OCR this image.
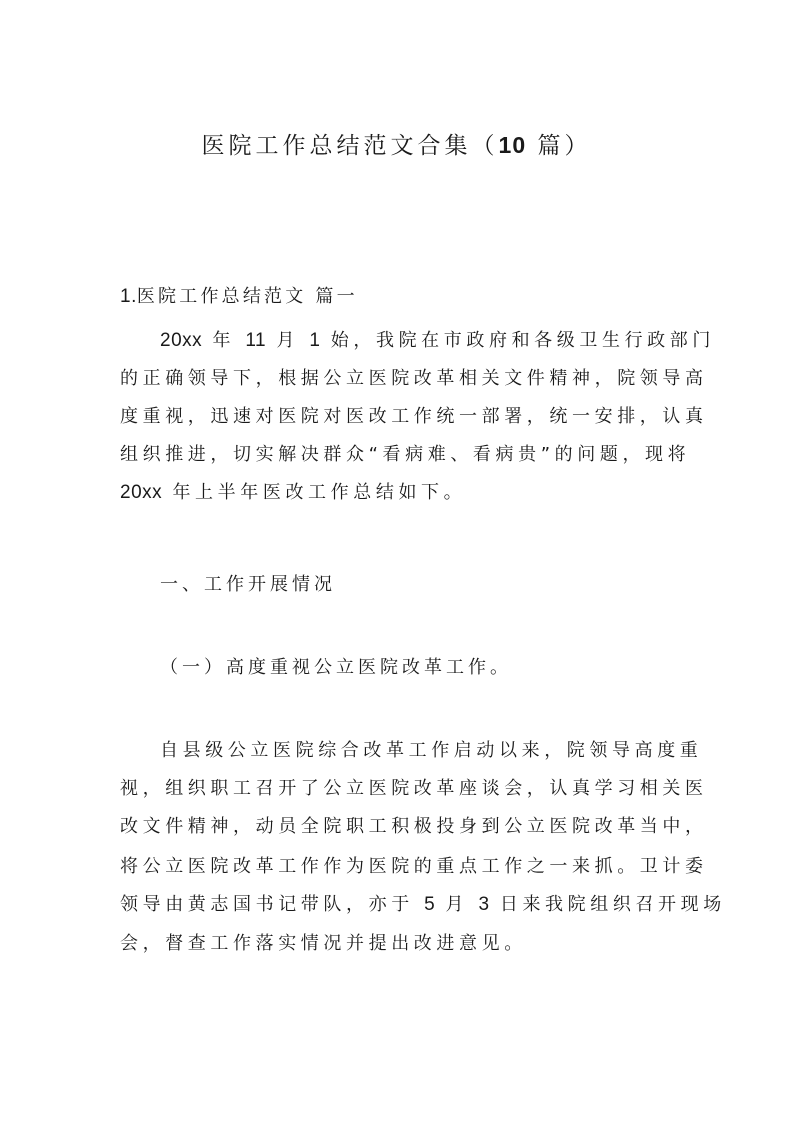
医院工作总结范文合集（10 篇）
1.医院工作总结范文 篇一
20xx 年 11 月 1 始，我院在市政府和各级卫生行政部门
的正确领导下，根据公立医院改革相关文件精神，院领导高
度重视，迅速对医院对医改工作统一部署，统一安排，认真
组织推进，切实解决群众“看病难、看病贵”的问题，现将
20xx 年上半年医改工作总结如下。
一、工作开展情况
（一）高度重视公立医院改革工作。
自县级公立医院综合改革工作启动以来，院领导高度重
视，组织职工召开了公立医院改革座谈会，认真学习相关医
改文件精神，动员全院职工积极投身到公立医院改革当中，
将公立医院改革工作作为医院的重点工作之一来抓。卫计委
领导由黄志国书记带队，亦于 5 月 3 日来我院组织召开现场
会，督查工作落实情况并提出改进意见。
